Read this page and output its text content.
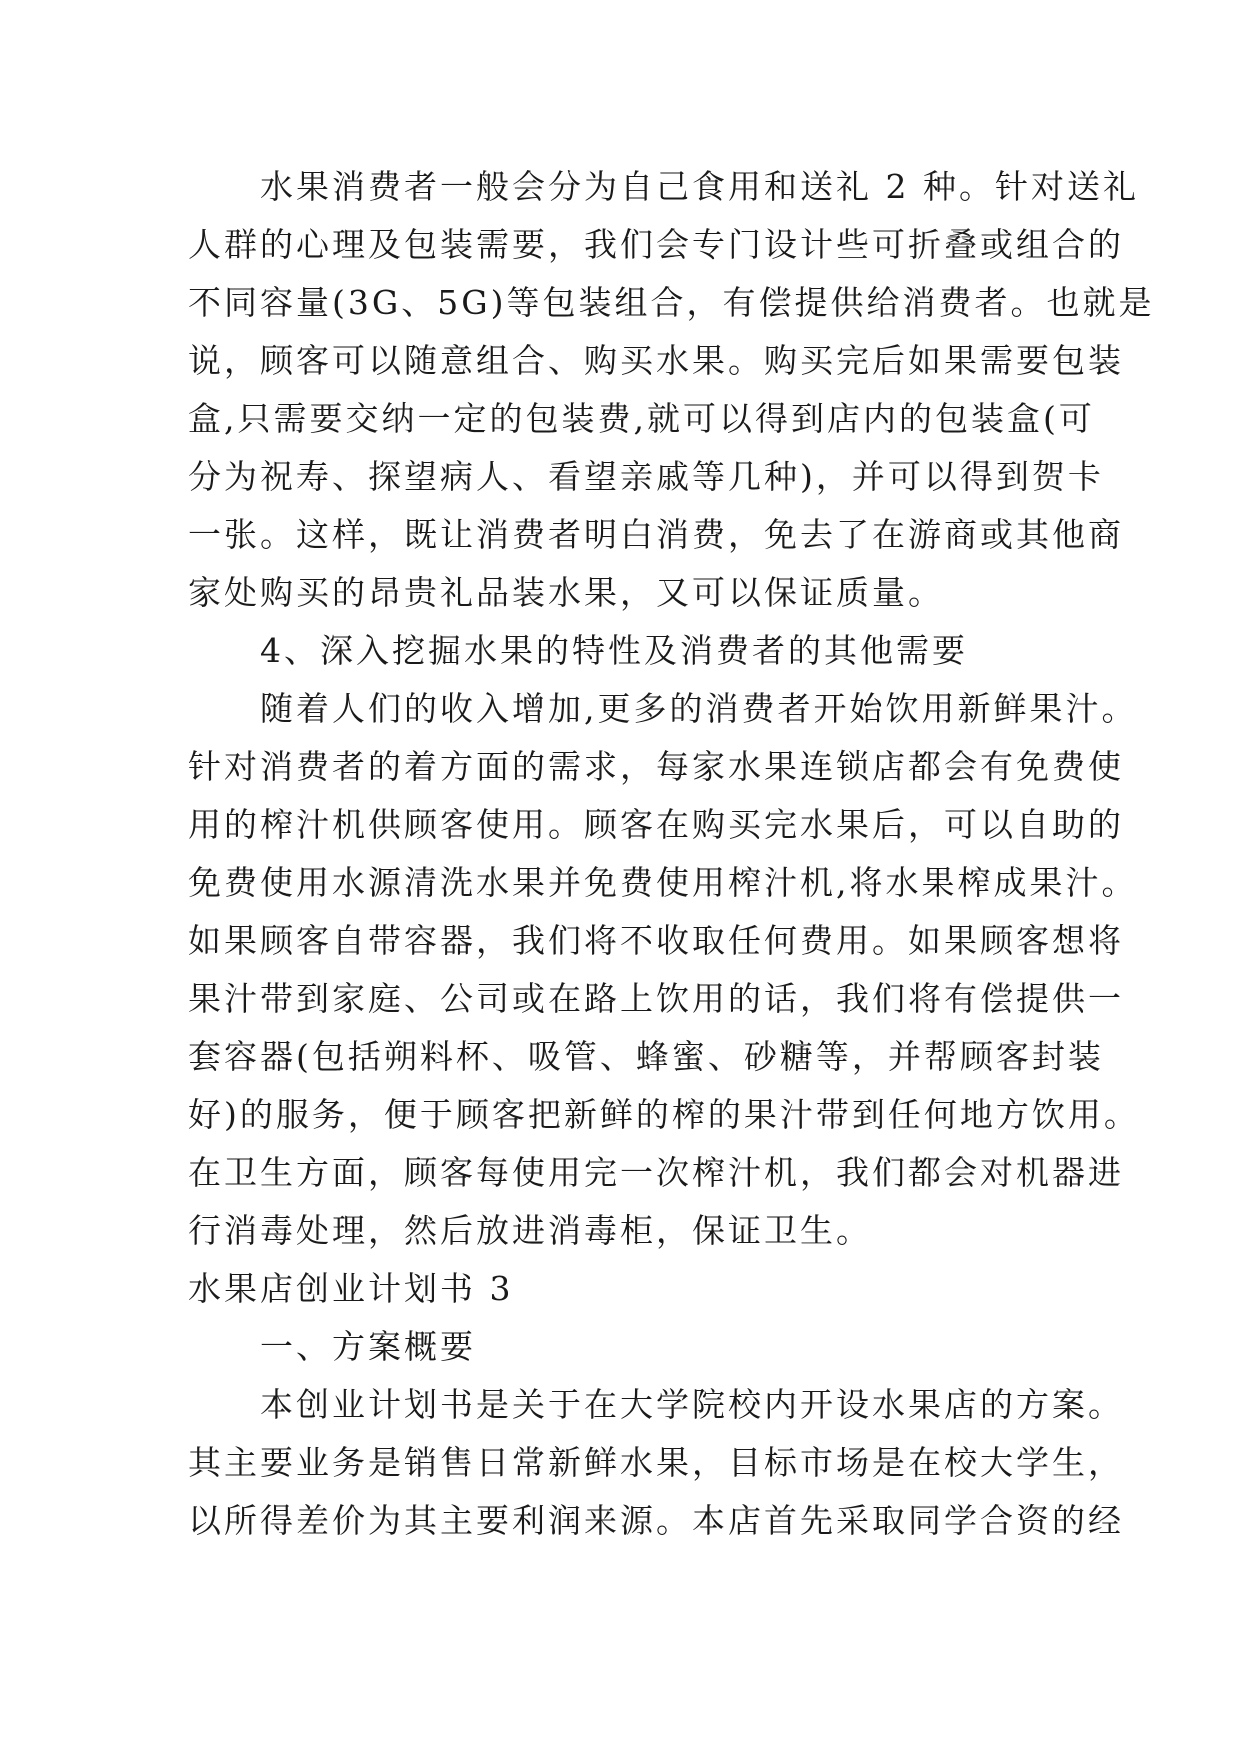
水果消费者一般会分为自己食用和送礼 2 种。针对送礼
人群的心理及包装需要，我们会专门设计些可折叠或组合的
不同容量(3G、5G)等包装组合，有偿提供给消费者。也就是
说，顾客可以随意组合、购买水果。购买完后如果需要包装
盒,只需要交纳一定的包装费,就可以得到店内的包装盒(可
分为祝寿、探望病人、看望亲戚等几种)，并可以得到贺卡
一张。这样，既让消费者明白消费，免去了在游商或其他商
家处购买的昂贵礼品装水果，又可以保证质量。
4、深入挖掘水果的特性及消费者的其他需要
随着人们的收入增加,更多的消费者开始饮用新鲜果汁。
针对消费者的着方面的需求，每家水果连锁店都会有免费使
用的榨汁机供顾客使用。顾客在购买完水果后，可以自助的
免费使用水源清洗水果并免费使用榨汁机,将水果榨成果汁。
如果顾客自带容器，我们将不收取任何费用。如果顾客想将
果汁带到家庭、公司或在路上饮用的话，我们将有偿提供一
套容器(包括朔料杯、吸管、蜂蜜、砂糖等，并帮顾客封装
好)的服务，便于顾客把新鲜的榨的果汁带到任何地方饮用。
在卫生方面，顾客每使用完一次榨汁机，我们都会对机器进
行消毒处理，然后放进消毒柜，保证卫生。
水果店创业计划书 3
一、方案概要
本创业计划书是关于在大学院校内开设水果店的方案。
其主要业务是销售日常新鲜水果，目标市场是在校大学生，
以所得差价为其主要利润来源。本店首先采取同学合资的经
